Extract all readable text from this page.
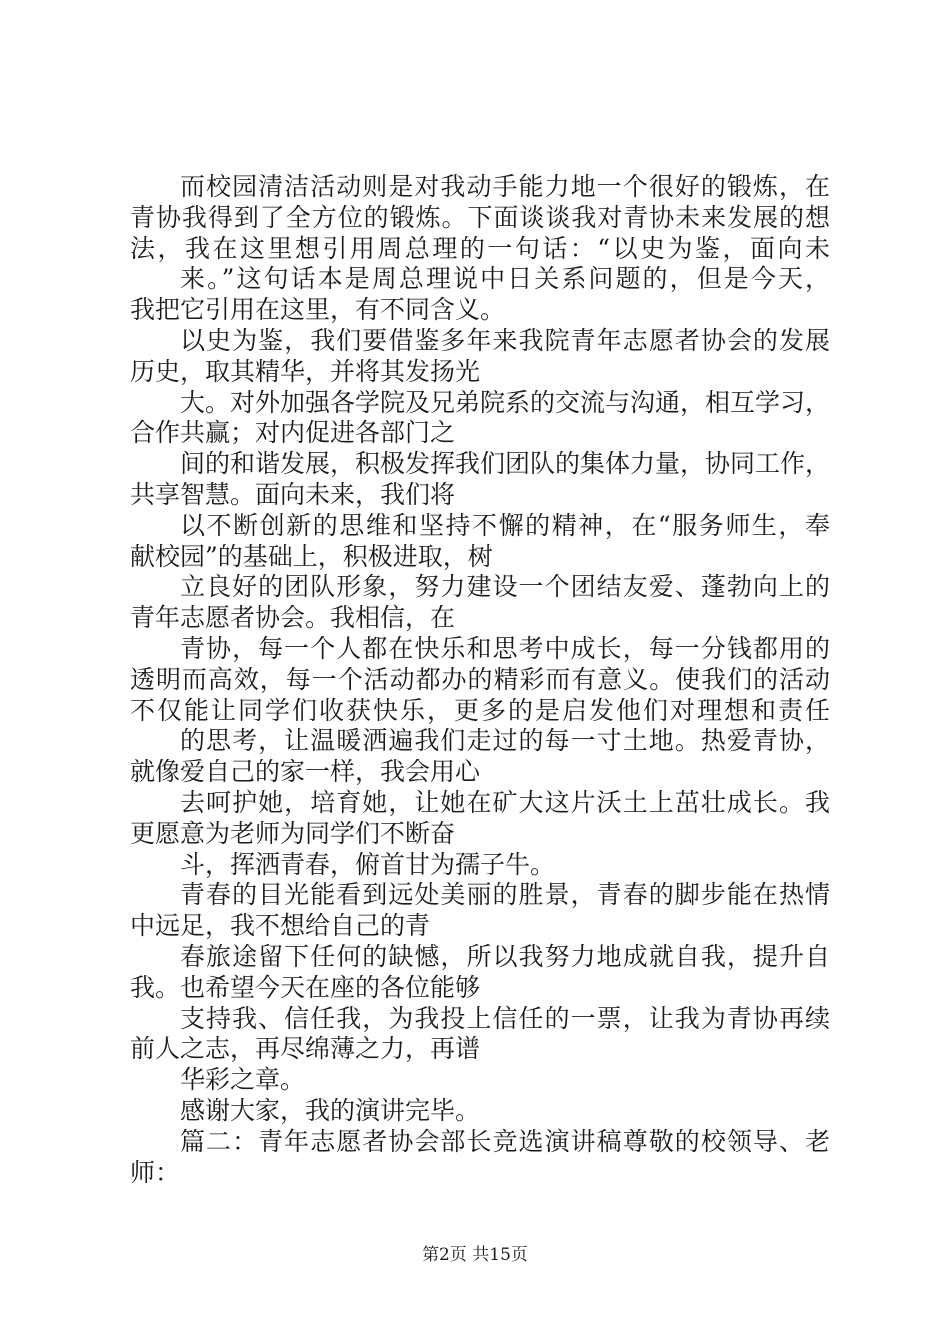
而校园清洁活动则是对我动手能力地一个很好的锻炼，在
青协我得到了全方位的锻炼。下面谈谈我对青协未来发展的想
法，我在这里想引用周总理的一句话：“以史为鉴，面向未
来。”这句话本是周总理说中日关系问题的，但是今天，
我把它引用在这里，有不同含义。
以史为鉴，我们要借鉴多年来我院青年志愿者协会的发展
历史，取其精华，并将其发扬光
大。对外加强各学院及兄弟院系的交流与沟通，相互学习，
合作共赢；对内促进各部门之
间的和谐发展，积极发挥我们团队的集体力量，协同工作，
共享智慧。面向未来，我们将
以不断创新的思维和坚持不懈的精神，在“服务师生，奉
献校园”的基础上，积极进取，树
立良好的团队形象，努力建设一个团结友爱、蓬勃向上的
青年志愿者协会。我相信，在
青协，每一个人都在快乐和思考中成长，每一分钱都用的
透明而高效，每一个活动都办的精彩而有意义。使我们的活动
不仅能让同学们收获快乐，更多的是启发他们对理想和责任
的思考，让温暖洒遍我们走过的每一寸土地。热爱青协，
就像爱自己的家一样，我会用心
去呵护她，培育她，让她在矿大这片沃土上茁壮成长。我
更愿意为老师为同学们不断奋
斗，挥洒青春，俯首甘为孺子牛。
青春的目光能看到远处美丽的胜景，青春的脚步能在热情
中远足，我不想给自己的青
春旅途留下任何的缺憾，所以我努力地成就自我，提升自
我。也希望今天在座的各位能够
支持我、信任我，为我投上信任的一票，让我为青协再续
前人之志，再尽绵薄之力，再谱
华彩之章。
感谢大家，我的演讲完毕。
篇二：青年志愿者协会部长竞选演讲稿尊敬的校领导、老
师：
第2页 共15页
